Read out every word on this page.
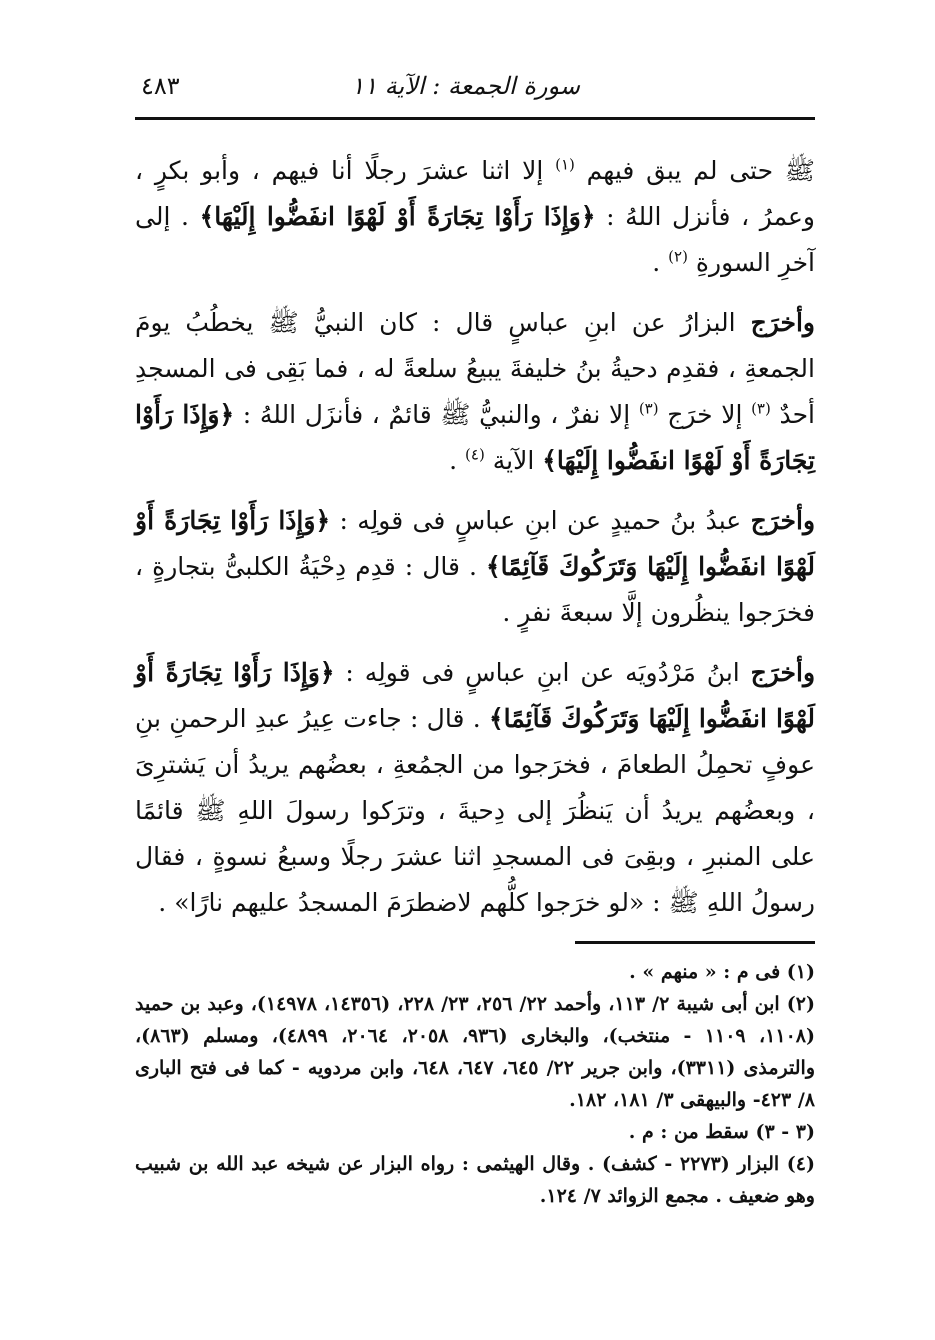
سورة الجمعة : الآية ١١
٤٨٣

ﷺ حتى لم يبق فيهم $^{(١)}$ إلا اثنا عشرَ رجلًا أنا فيهم ، وأبو بكرٍ ، وعمرُ ، فأنزل اللهُ : ﴿وَإِذَا رَأَوْا تِجَارَةً أَوْ لَهْوًا انفَضُّوا إِلَيْهَا﴾ . إلى آخرِ السورةِ $^{(٢)}$ .

وأخرَج البزارُ عن ابنِ عباسٍ قال : كان النبيُّ ﷺ يخطُبُ يومَ الجمعةِ ، فقدِم دحيةُ بنُ خليفةَ يبيعُ سلعةً له ، فما بَقِى فى المسجدِ أحدٌ $^{(٣)}$ إلا خرَج $^{(٣)}$ إلا نفرٌ ، والنبيُّ ﷺ قائمٌ ، فأنزَل اللهُ : ﴿وَإِذَا رَأَوْا تِجَارَةً أَوْ لَهْوًا انفَضُّوا إِلَيْهَا﴾ الآية $^{(٤)}$ .

وأخرَج عبدُ بنُ حميدٍ عن ابنِ عباسٍ فى قولِه : ﴿وَإِذَا رَأَوْا تِجَارَةً أَوْ لَهْوًا انفَضُّوا إِلَيْهَا وَتَرَكُوكَ قَآئِمًا﴾ . قال : قدِم دِحْيَةُ الكلبىُّ بتجارةٍ ، فخرَجوا ينظُرون إلَّا سبعةَ نفرٍ .

وأخرَج ابنُ مَرْدُويَه عن ابنِ عباسٍ فى قولِه : ﴿وَإِذَا رَأَوْا تِجَارَةً أَوْ لَهْوًا انفَضُّوا إِلَيْهَا وَتَرَكُوكَ قَآئِمًا﴾ . قال : جاءت عِيرُ عبدِ الرحمنِ بنِ عوفٍ تحمِلُ الطعامَ ، فخرَجوا من الجمُعةِ ، بعضُهم يريدُ أن يَشترِىَ ، وبعضُهم يريدُ أن يَنظُرَ إلى دِحيةَ ، وترَكوا رسولَ اللهِ ﷺ قائمًا على المنبرِ ، وبقِىَ فى المسجدِ اثنا عشرَ رجلًا وسبعُ نسوةٍ ، فقال رسولُ اللهِ ﷺ : «لو خرَجوا كلُّهم لاضطرَمَ المسجدُ عليهم نارًا» .

(١) فى م : « منهم » .

(٢) ابن أبى شيبة ٢/ ١١٣، وأحمد ٢٢/ ٢٥٦، ٢٣/ ٢٢٨، (١٤٣٥٦، ١٤٩٧٨)، وعبد بن حميد (١١٠٨، ١١٠٩ - منتخب)، والبخارى (٩٣٦، ٢٠٥٨، ٢٠٦٤، ٤٨٩٩)، ومسلم (٨٦٣)، والترمذى (٣٣١١)، وابن جرير ٢٢/ ٦٤٥، ٦٤٧، ٦٤٨، وابن مردويه - كما فى فتح البارى ٨/ ٤٢٣- والبيهقى ٣/ ١٨١، ١٨٢.

(٣ - ٣) سقط من : م .

(٤) البزار (٢٢٧٣ - كشف) . وقال الهيثمى : رواه البزار عن شيخه عبد الله بن شبيب وهو ضعيف . مجمع الزوائد ٧/ ١٢٤.
